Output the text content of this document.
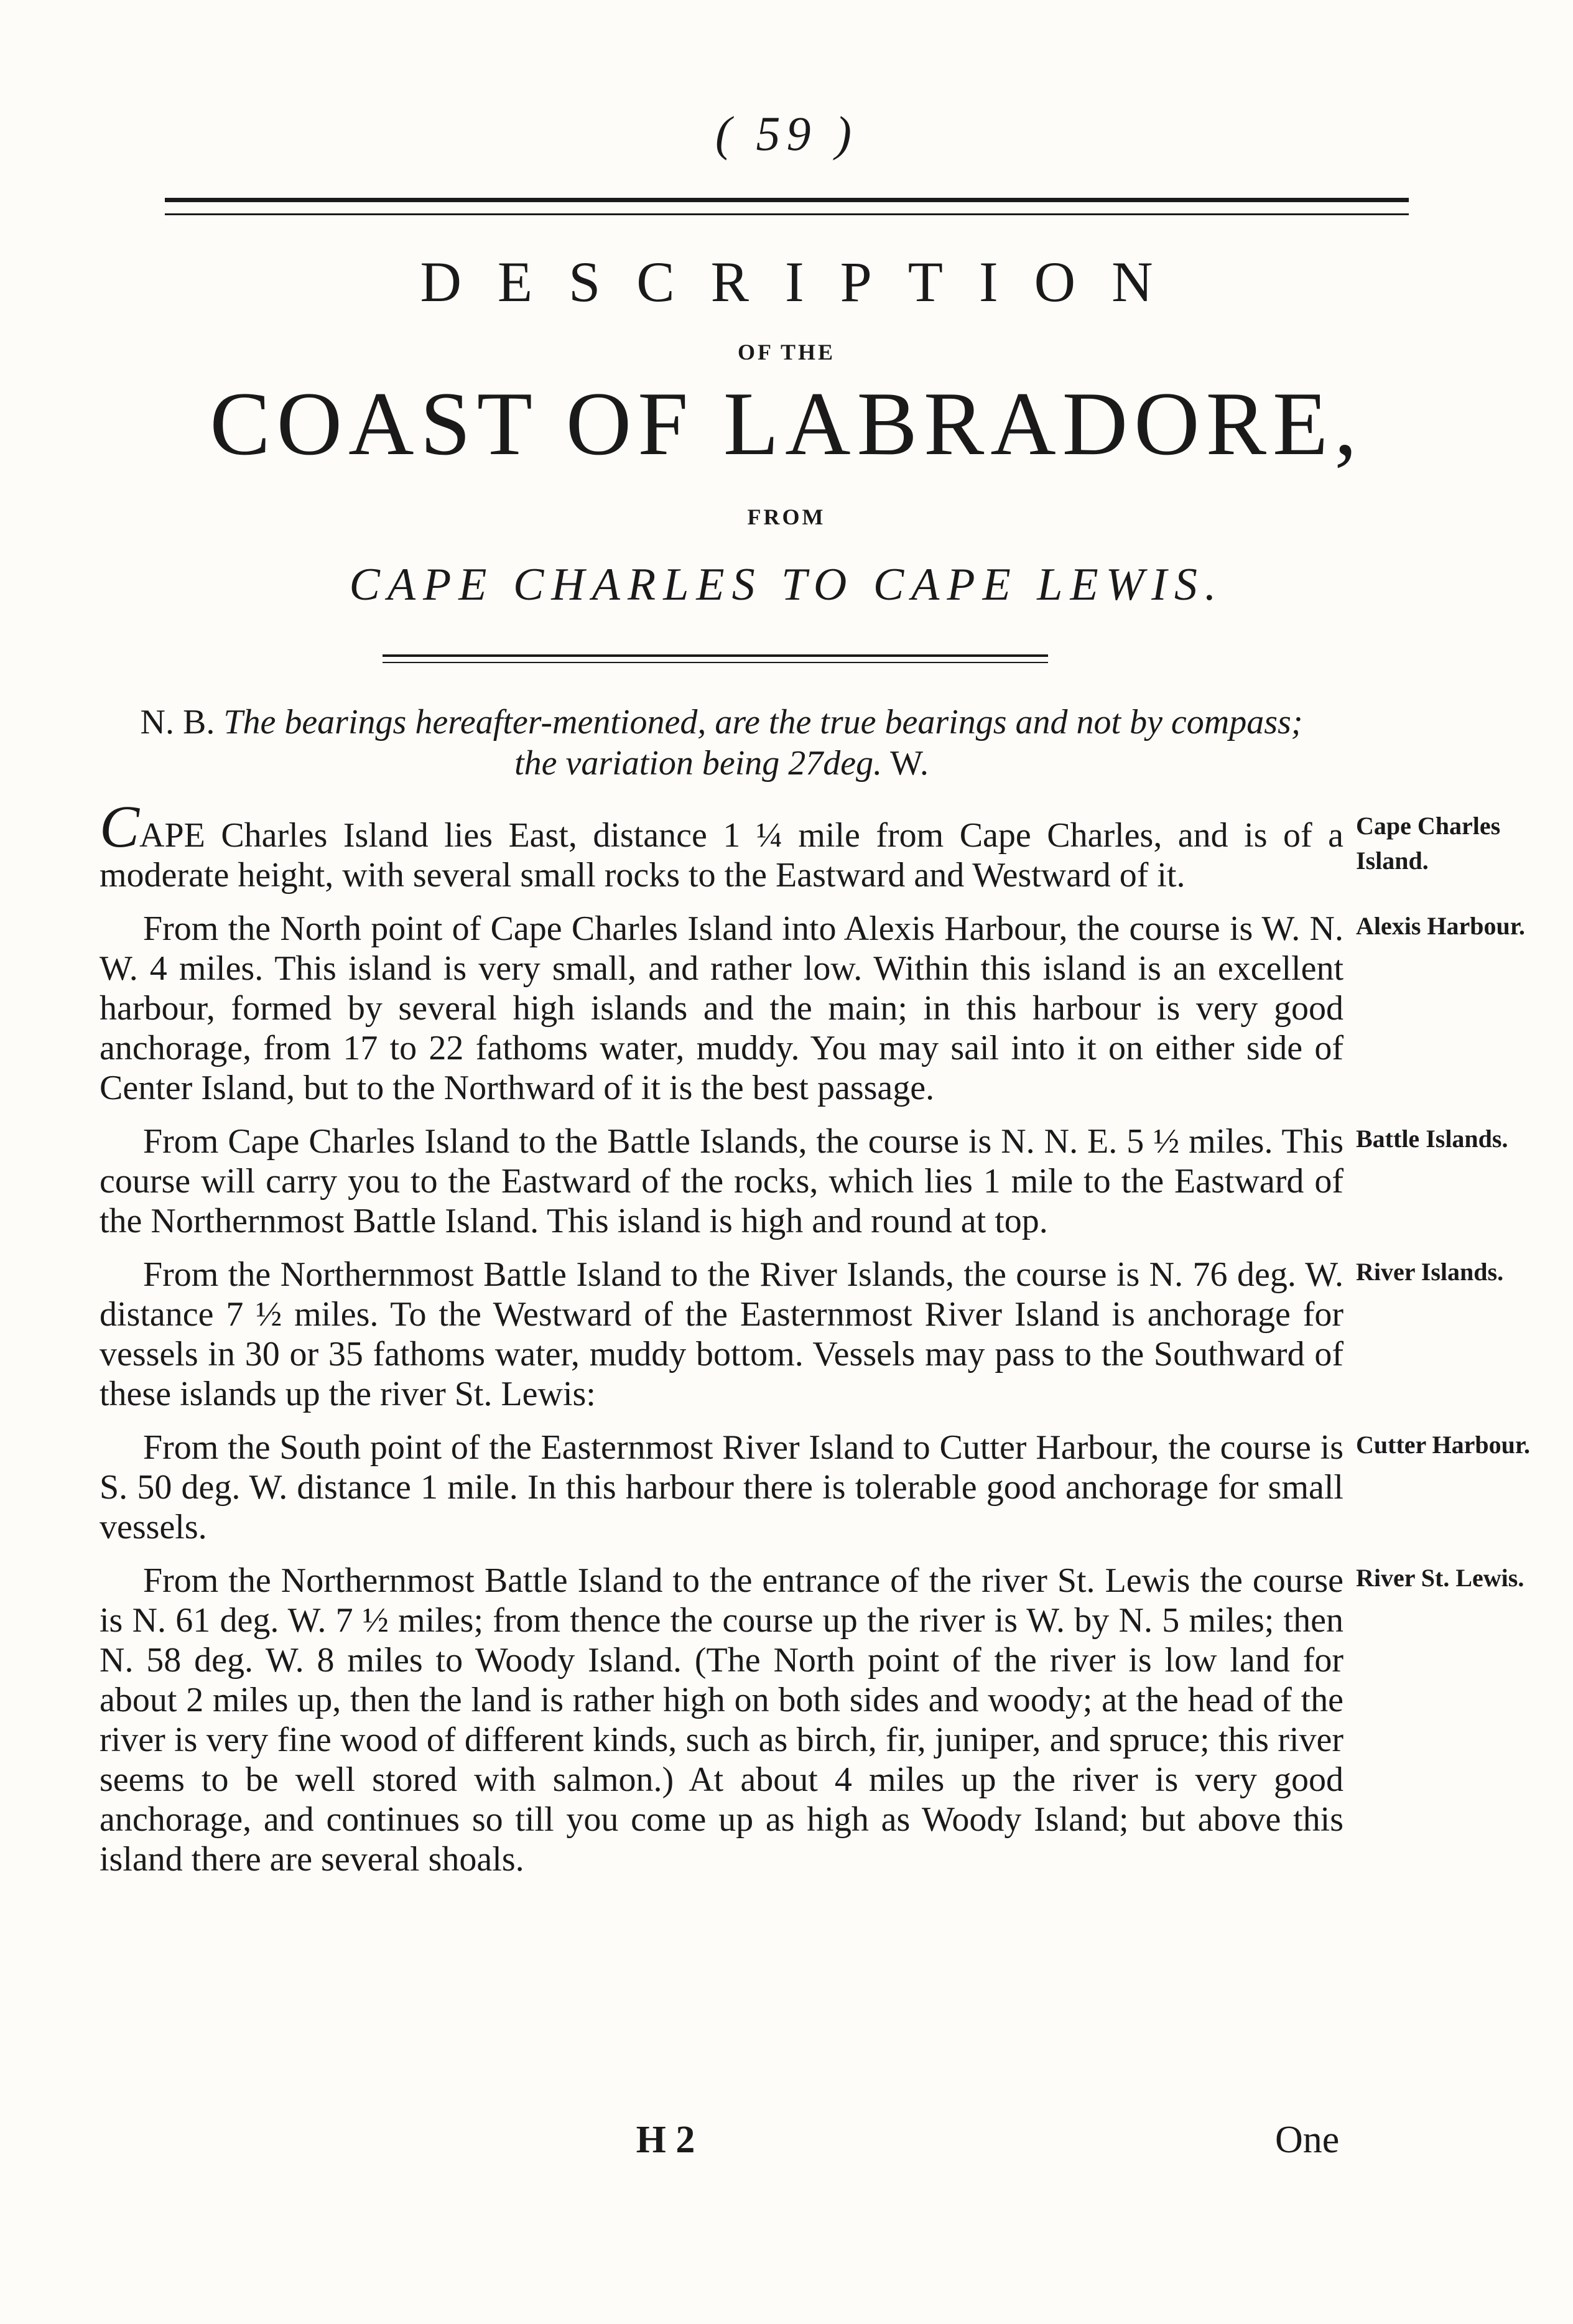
( 59 )
DESCRIPTION
OF THE
COAST OF LABRADORE,
FROM
CAPE CHARLES TO CAPE LEWIS.
N. B. The bearings hereafter-mentioned, are the true bearings and not by compass;
the variation being 27deg. W.

CAPE Charles Island lies East, distance 1 ¼ mile from Cape Charles, and is of a moderate height, with several small rocks to the Eastward and Westward of it.
Cape Charles Island.

From the North point of Cape Charles Island into Alexis Harbour, the course is W. N. W. 4 miles. This island is very small, and rather low. Within this island is an excellent harbour, formed by several high islands and the main; in this harbour is very good anchorage, from 17 to 22 fathoms water, muddy. You may sail into it on either side of Center Island, but to the Northward of it is the best passage.
Alexis Harbour.

From Cape Charles Island to the Battle Islands, the course is N. N. E. 5 ½ miles. This course will carry you to the Eastward of the rocks, which lies 1 mile to the Eastward of the Northernmost Battle Island. This island is high and round at top.
Battle Islands.

From the Northernmost Battle Island to the River Islands, the course is N. 76 deg. W. distance 7 ½ miles. To the Westward of the Easternmost River Island is anchorage for vessels in 30 or 35 fathoms water, muddy bottom. Vessels may pass to the Southward of these islands up the river St. Lewis:
River Islands.

From the South point of the Easternmost River Island to Cutter Harbour, the course is S. 50 deg. W. distance 1 mile. In this harbour there is tolerable good anchorage for small vessels.
Cutter Harbour.

From the Northernmost Battle Island to the entrance of the river St. Lewis the course is N. 61 deg. W. 7 ½ miles; from thence the course up the river is W. by N. 5 miles; then N. 58 deg. W. 8 miles to Woody Island. (The North point of the river is low land for about 2 miles up, then the land is rather high on both sides and woody; at the head of the river is very fine wood of different kinds, such as birch, fir, juniper, and spruce; this river seems to be well stored with salmon.) At about 4 miles up the river is very good anchorage, and continues so till you come up as high as Woody Island; but above this island there are several shoals.
River St. Lewis.

H 2	One
